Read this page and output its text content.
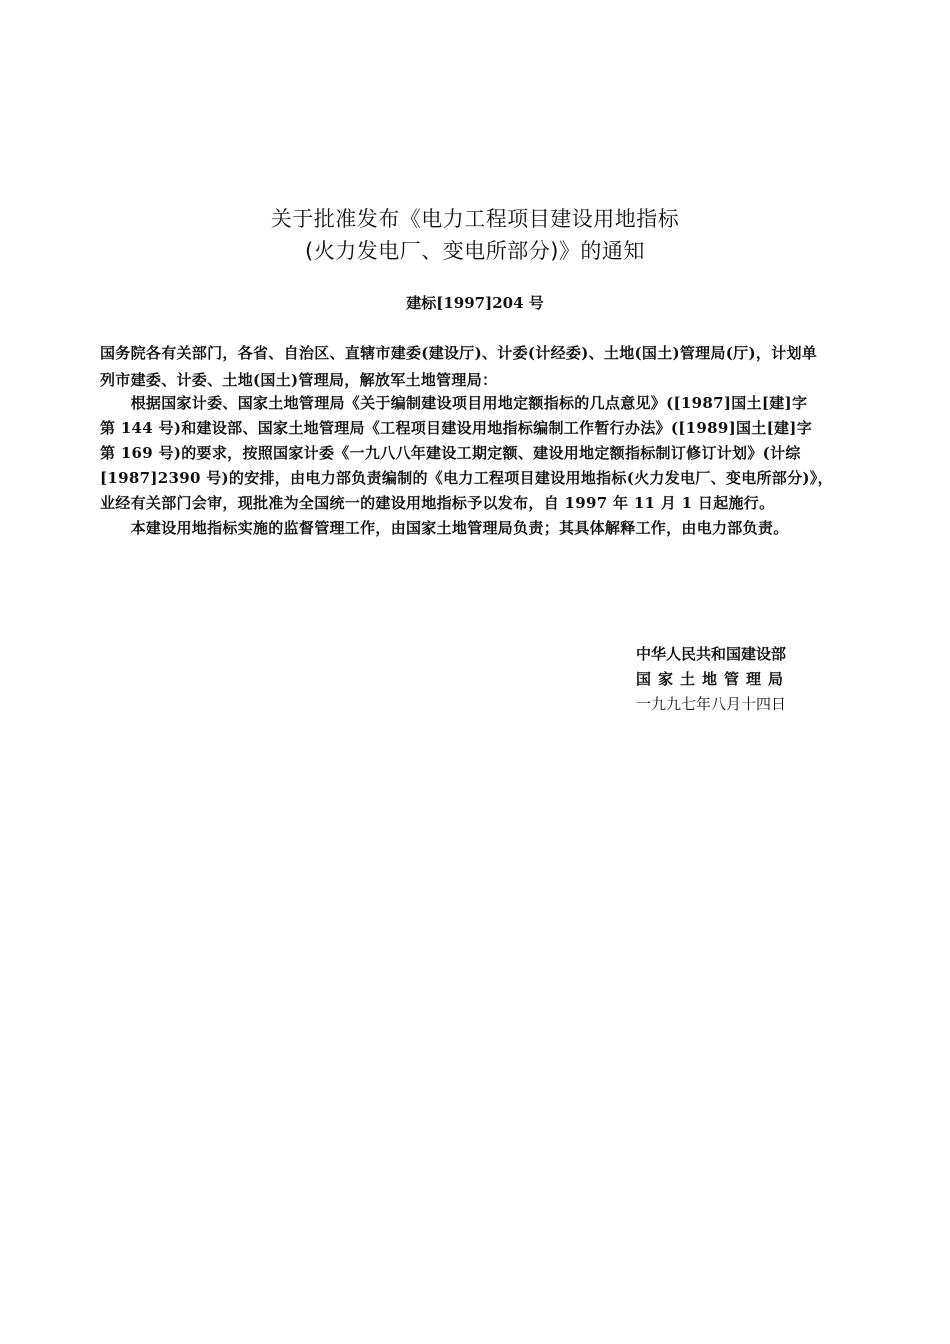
关于批准发布《电力工程项目建设用地指标
(火力发电厂、变电所部分)》的通知
建标[1997]204 号
国务院各有关部门，各省、自治区、直辖市建委(建设厅)、计委(计经委)、土地(国土)管理局(厅)，计划单
列市建委、计委、土地(国土)管理局，解放军土地管理局：
　　根据国家计委、国家土地管理局《关于编制建设项目用地定额指标的几点意见》([1987]国土[建]字
第 144 号)和建设部、国家土地管理局《工程项目建设用地指标编制工作暂行办法》([1989]国土[建]字
第 169 号)的要求，按照国家计委《一九八八年建设工期定额、建设用地定额指标制订修订计划》(计综
[1987]2390 号)的安排，由电力部负责编制的《电力工程项目建设用地指标(火力发电厂、变电所部分)》，
业经有关部门会审，现批准为全国统一的建设用地指标予以发布，自 1997 年 11 月 1 日起施行。
　　本建设用地指标实施的监督管理工作，由国家土地管理局负责；其具体解释工作，由电力部负责。
中华人民共和国建设部
国家土地管理局
一九九七年八月十四日
